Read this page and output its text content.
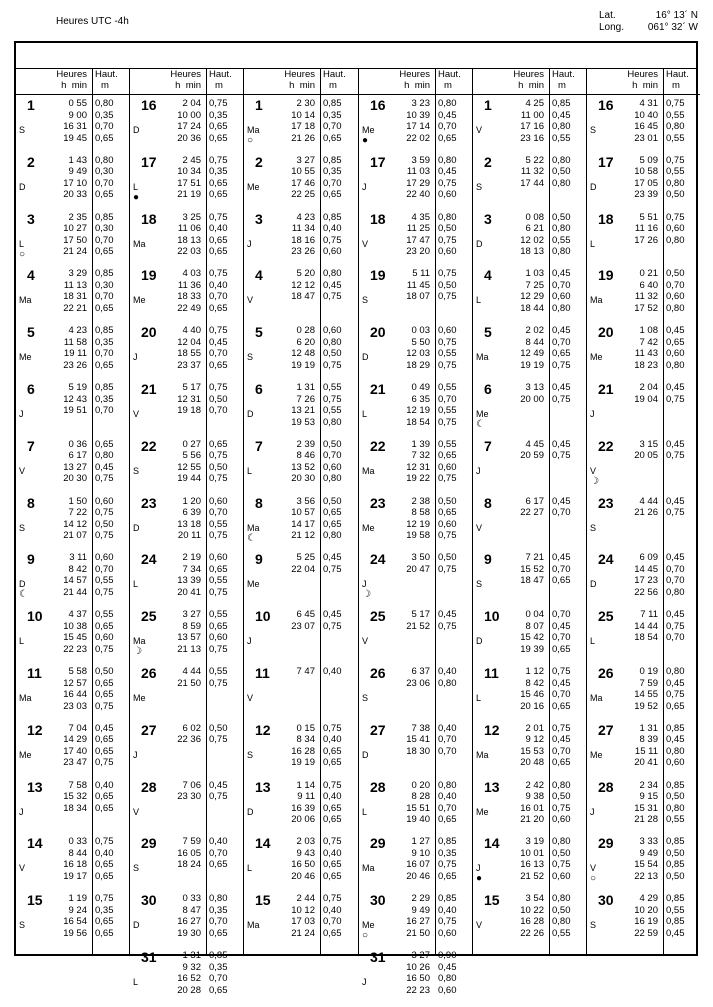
Heures UTC -4h
Lat.	16° 13´ N
Long. 061° 32´ W
Heures
h min
Haut.
m
1
S
0 55 0,80
9 00 0,35
16 31 0,70
19 45 0,65
2
D
1 43 0,80
9 49 0,30
17 10 0,70
20 33 0,65
3
L
○
2 35 0,85
10 27 0,30
17 50 0,70
21 24 0,65
4
Ma
3 29 0,85
11 13 0,30
18 31 0,70
22 21 0,65
5
Me
4 23 0,85
11 58 0,35
19 11 0,70
23 26 0,65
6
J
5 19 0,85
12 43 0,35
19 51 0,70
7
V
0 36 0,65
6 17 0,80
13 27 0,45
20 30 0,75
8
S
1 50 0,60
7 22 0,75
14 12 0,50
21 07 0,75
9
D
☾
3 11 0,60
8 42 0,70
14 57 0,55
21 44 0,75
10
L
4 37 0,55
10 38 0,65
15 45 0,60
22 23 0,75
11
Ma
5 58 0,50
12 57 0,65
16 44 0,65
23 03 0,75
12
Me
7 04 0,45
14 29 0,65
17 40 0,65
23 47 0,75
13
J
7 58 0,40
15 32 0,65
18 34 0,65
14
V
0 33 0,75
8 44 0,40
16 18 0,65
19 17 0,65
15
S
1 19 0,75
9 24 0,35
16 54 0,65
19 56 0,65
Heures
h min
Haut.
m
16
D
2 04 0,75
10 00 0,35
17 24 0,65
20 36 0,65
17
L
●
2 45 0,75
10 34 0,35
17 51 0,65
21 19 0,65
18
Ma
3 25 0,75
11 06 0,40
18 13 0,65
22 03 0,65
19
Me
4 03 0,75
11 36 0,40
18 33 0,70
22 49 0,65
20
J
4 40 0,75
12 04 0,45
18 55 0,70
23 37 0,65
21
V
5 17 0,75
12 31 0,50
19 18 0,70
22
S
0 27 0,65
5 56 0,75
12 55 0,50
19 44 0,75
23
D
1 20 0,60
6 39 0,70
13 18 0,55
20 11 0,75
24
L
2 19 0,60
7 34 0,65
13 39 0,55
20 41 0,75
25
Ma
☽
3 27 0,55
8 59 0,65
13 57 0,60
21 13 0,75
26
Me
4 44 0,55
21 50 0,75
27
J
6 02 0,50
22 36 0,75
28
V
7 06 0,45
23 30 0,75
29
S
7 59 0,40
16 05 0,70
18 24 0,65
30
D
0 33 0,80
8 47 0,35
16 27 0,70
19 30 0,65
31
L
1 31 0,85
9 32 0,35
16 52 0,70
20 28 0,65
Heures
h min
Haut.
m
1
Ma
○
2 30 0,85
10 14 0,35
17 18 0,70
21 26 0,65
2
Me
3 27 0,85
10 55 0,35
17 46 0,70
22 25 0,65
3
J
4 23 0,85
11 34 0,40
18 16 0,75
23 26 0,60
4
V
5 20 0,80
12 12 0,45
18 47 0,75
5
S
0 28 0,60
6 20 0,80
12 48 0,50
19 19 0,75
6
D
1 31 0,55
7 26 0,75
13 21 0,55
19 53 0,80
7
L
2 39 0,50
8 46 0,70
13 52 0,60
20 30 0,80
8
Ma
☾
3 56 0,50
10 57 0,65
14 17 0,65
21 12 0,80
9
Me
5 25 0,45
22 04 0,75
10
J
6 45 0,45
23 07 0,75
11
V
7 47 0,40
12
S
0 15 0,75
8 34 0,40
16 28 0,65
19 19 0,65
13
D
1 14 0,75
9 11 0,40
16 39 0,65
20 06 0,65
14
L
2 03 0,75
9 43 0,40
16 50 0,65
20 46 0,65
15
Ma
2 44 0,75
10 12 0,40
17 03 0,70
21 24 0,65
Heures
h min
Haut.
m
16
Me
●
3 23 0,80
10 39 0,45
17 14 0,70
22 02 0,65
17
J
3 59 0,80
11 03 0,45
17 29 0,75
22 40 0,60
18
V
4 35 0,80
11 25 0,50
17 47 0,75
23 20 0,60
19
S
5 11 0,75
11 45 0,50
18 07 0,75
20
D
0 03 0,60
5 50 0,75
12 03 0,55
18 29 0,75
21
L
0 49 0,55
6 35 0,70
12 19 0,55
18 54 0,75
22
Ma
1 39 0,55
7 32 0,65
12 31 0,60
19 22 0,75
23
Me
2 38 0,50
8 58 0,65
12 19 0,60
19 58 0,75
24
J
☽
3 50 0,50
20 47 0,75
25
V
5 17 0,45
21 52 0,75
26
S
6 37 0,40
23 06 0,80
27
D
7 38 0,40
15 41 0,70
18 30 0,70
28
L
0 20 0,80
8 28 0,40
15 51 0,70
19 40 0,65
29
Ma
1 27 0,85
9 10 0,35
16 07 0,75
20 46 0,65
30
Me
○
2 29 0,85
9 49 0,40
16 27 0,75
21 50 0,60
31
J
3 27 0,90
10 26 0,45
16 50 0,80
22 23 0,60
Heures
h min
Haut.
m
1
V
4 25 0,85
11 00 0,45
17 16 0,80
23 16 0,55
2
S
5 22 0,80
11 32 0,50
17 44 0,80
3
D
0 08 0,50
6 21 0,80
12 02 0,55
18 13 0,80
4
L
1 03 0,45
7 25 0,70
12 29 0,60
18 44 0,80
5
Ma
2 02 0,45
8 44 0,70
12 49 0,65
19 19 0,75
6
Me
☾
3 13 0,45
20 00 0,75
7
J
4 45 0,45
20 59 0,75
8
V
6 17 0,45
22 27 0,70
9
S
7 21 0,45
15 52 0,70
18 47 0,65
10
D
0 04 0,70
8 07 0,45
15 42 0,70
19 39 0,65
11
L
1 12 0,75
8 42 0,45
15 46 0,70
20 16 0,65
12
Ma
2 01 0,75
9 12 0,45
15 53 0,70
20 48 0,65
13
Me
2 42 0,80
9 38 0,50
16 01 0,75
21 20 0,60
14
J
●
3 19 0,80
10 01 0,50
16 13 0,75
21 52 0,60
15
V
3 54 0,80
10 22 0,50
16 28 0,80
22 26 0,55
Heures
h min
Haut.
m
16
S
4 31 0,75
10 40 0,55
16 45 0,80
23 01 0,55
17
D
5 09 0,75
10 58 0,55
17 05 0,80
23 39 0,50
18
L
5 51 0,75
11 16 0,60
17 26 0,80
19
Ma
0 21 0,50
6 40 0,70
11 32 0,60
17 52 0,80
20
Me
1 08 0,45
7 42 0,65
11 43 0,60
18 23 0,80
21
J
2 04 0,45
19 04 0,75
22
V
☽
3 15 0,45
20 05 0,75
23
S
4 44 0,45
21 26 0,75
24
D
6 09 0,45
14 45 0,70
17 23 0,70
22 56 0,80
25
L
7 11 0,45
14 44 0,75
18 54 0,70
26
Ma
0 19 0,80
7 59 0,45
14 55 0,75
19 52 0,65
27
Me
1 31 0,85
8 39 0,45
15 11 0,80
20 41 0,60
28
J
2 34 0,85
9 15 0,50
15 31 0,80
21 28 0,55
29
V
○
3 33 0,85
9 49 0,50
15 54 0,85
22 13 0,50
30
S
4 29 0,85
10 20 0,55
16 19 0,85
22 59 0,45
